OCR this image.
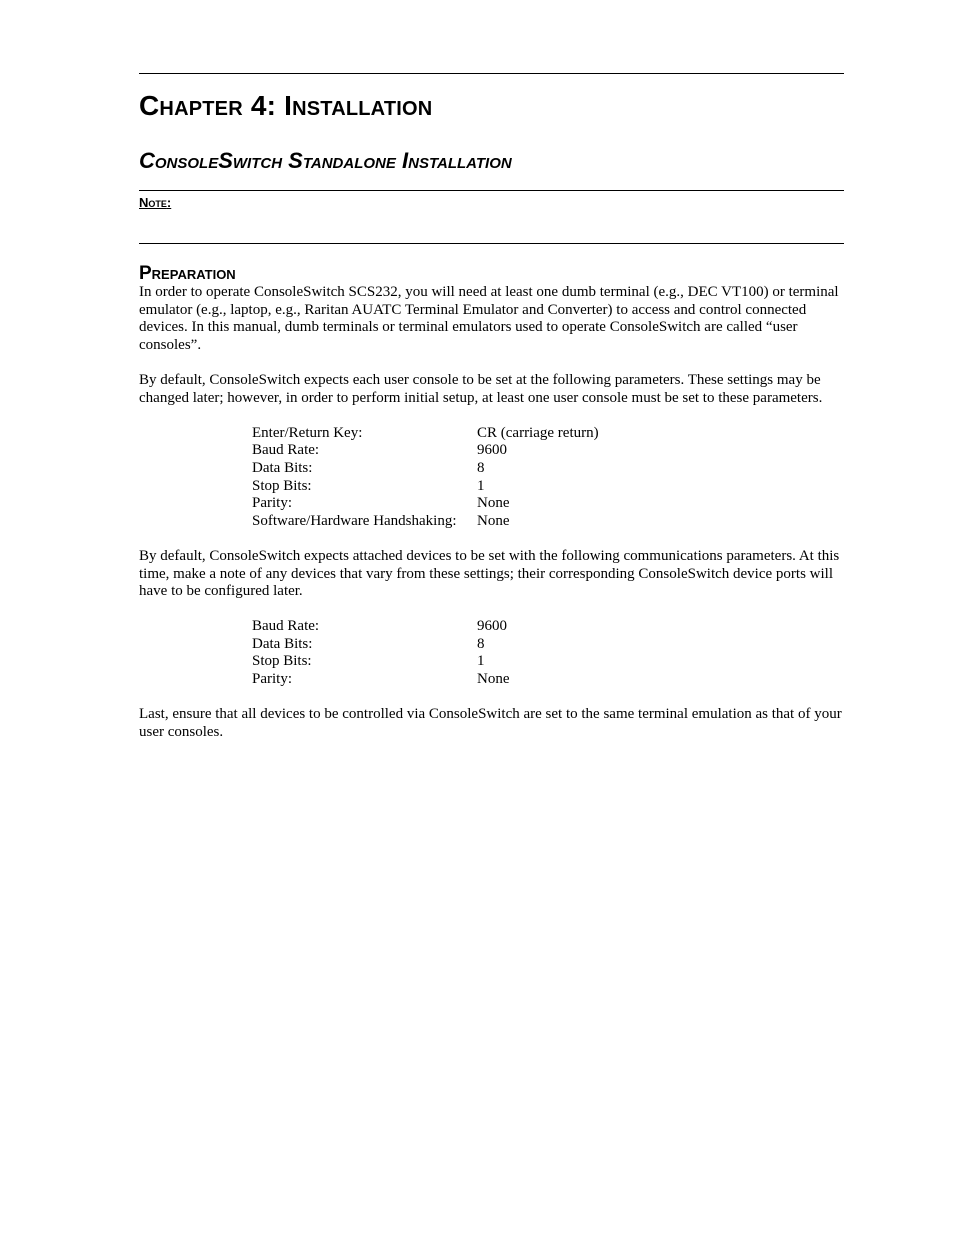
Chapter 4: Installation
ConsoleSwitch Standalone Installation
Note:
Preparation

In order to operate ConsoleSwitch SCS232, you will need at least one dumb terminal (e.g., DEC VT100) or terminal emulator (e.g., laptop, e.g., Raritan AUATC Terminal Emulator and Converter) to access and control connected devices. In this manual, dumb terminals or terminal emulators used to operate ConsoleSwitch are called “user consoles”.

By default, ConsoleSwitch expects each user console to be set at the following parameters. These settings may be changed later; however, in order to perform initial setup, at least one user console must be set to these parameters.

Enter/Return Key:	CR (carriage return)
Baud Rate:	9600
Data Bits:	8
Stop Bits:	1
Parity:	None
Software/Hardware Handshaking:	None

By default, ConsoleSwitch expects attached devices to be set with the following communications parameters. At this time, make a note of any devices that vary from these settings; their corresponding ConsoleSwitch device ports will have to be configured later.

Baud Rate:	9600
Data Bits:	8
Stop Bits:	1
Parity:	None

Last, ensure that all devices to be controlled via ConsoleSwitch are set to the same terminal emulation as that of your user consoles.
